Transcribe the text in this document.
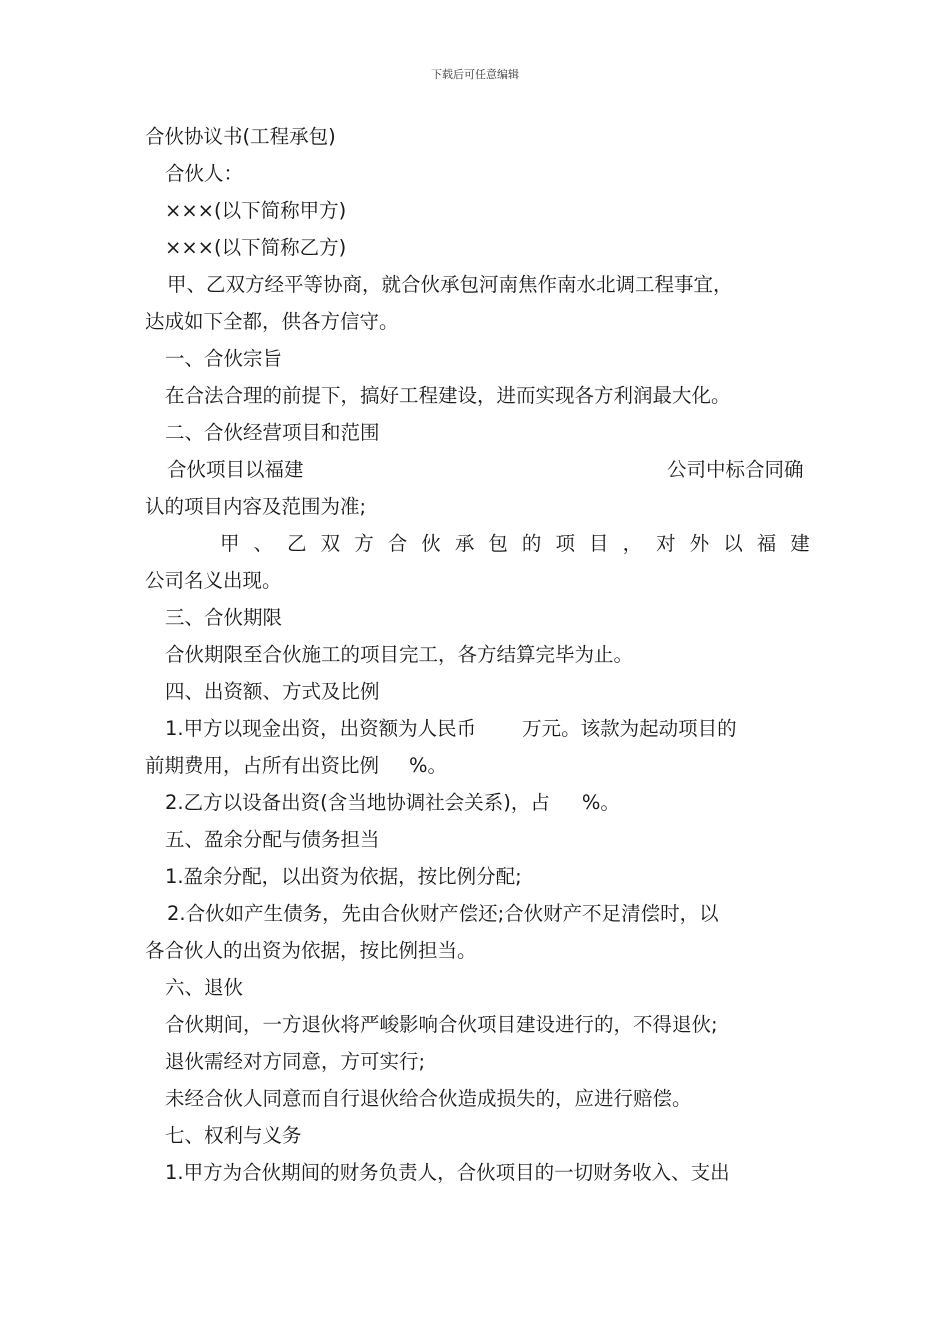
下载后可任意编辑
合伙协议书(工程承包)
合伙人：
×××(以下简称甲方)
×××(以下简称乙方)
甲、乙双方经平等协商，就合伙承包河南焦作南水北调工程事宜，
达成如下全都，供各方信守。
一、合伙宗旨
在合法合理的前提下，搞好工程建设，进而实现各方利润最大化。
二、合伙经营项目和范围
合伙项目以福建	公司中标合同确
认的项目内容及范围为准;
甲 、 乙 双 方 合 伙 承 包 的 项 目 ， 对 外 以 福 建
公司名义出现。
三、合伙期限
合伙期限至合伙施工的项目完工，各方结算完毕为止。
四、出资额、方式及比例
1.甲方以现金出资，出资额为人民币 万元。该款为起动项目的
前期费用，占所有出资比例 %。
2.乙方以设备出资(含当地协调社会关系)，占 %。
五、盈余分配与债务担当
1.盈余分配，以出资为依据，按比例分配;
2.合伙如产生债务，先由合伙财产偿还;合伙财产不足清偿时，以
各合伙人的出资为依据，按比例担当。
六、退伙
合伙期间，一方退伙将严峻影响合伙项目建设进行的，不得退伙;
退伙需经对方同意，方可实行;
未经合伙人同意而自行退伙给合伙造成损失的，应进行赔偿。
七、权利与义务
1.甲方为合伙期间的财务负责人，合伙项目的一切财务收入、支出
